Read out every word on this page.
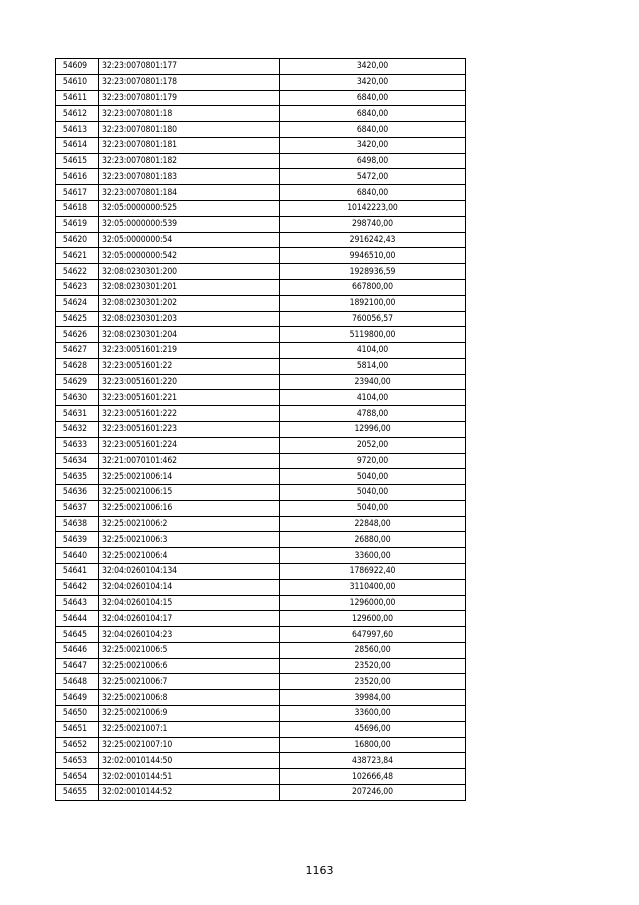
54609	32:23:0070801:177	3420,00
54610	32:23:0070801:178	3420,00
54611	32:23:0070801:179	6840,00
54612	32:23:0070801:18	6840,00
54613	32:23:0070801:180	6840,00
54614	32:23:0070801:181	3420,00
54615	32:23:0070801:182	6498,00
54616	32:23:0070801:183	5472,00
54617	32:23:0070801:184	6840,00
54618	32:05:0000000:525	10142223,00
54619	32:05:0000000:539	298740,00
54620	32:05:0000000:54	2916242,43
54621	32:05:0000000:542	9946510,00
54622	32:08:0230301:200	1928936,59
54623	32:08:0230301:201	667800,00
54624	32:08:0230301:202	1892100,00
54625	32:08:0230301:203	760056,57
54626	32:08:0230301:204	5119800,00
54627	32:23:0051601:219	4104,00
54628	32:23:0051601:22	5814,00
54629	32:23:0051601:220	23940,00
54630	32:23:0051601:221	4104,00
54631	32:23:0051601:222	4788,00
54632	32:23:0051601:223	12996,00
54633	32:23:0051601:224	2052,00
54634	32:21:0070101:462	9720,00
54635	32:25:0021006:14	5040,00
54636	32:25:0021006:15	5040,00
54637	32:25:0021006:16	5040,00
54638	32:25:0021006:2	22848,00
54639	32:25:0021006:3	26880,00
54640	32:25:0021006:4	33600,00
54641	32:04:0260104:134	1786922,40
54642	32:04:0260104:14	3110400,00
54643	32:04:0260104:15	1296000,00
54644	32:04:0260104:17	129600,00
54645	32:04:0260104:23	647997,60
54646	32:25:0021006:5	28560,00
54647	32:25:0021006:6	23520,00
54648	32:25:0021006:7	23520,00
54649	32:25:0021006:8	39984,00
54650	32:25:0021006:9	33600,00
54651	32:25:0021007:1	45696,00
54652	32:25:0021007:10	16800,00
54653	32:02:0010144:50	438723,84
54654	32:02:0010144:51	102666,48
54655	32:02:0010144:52	207246,00
1163
